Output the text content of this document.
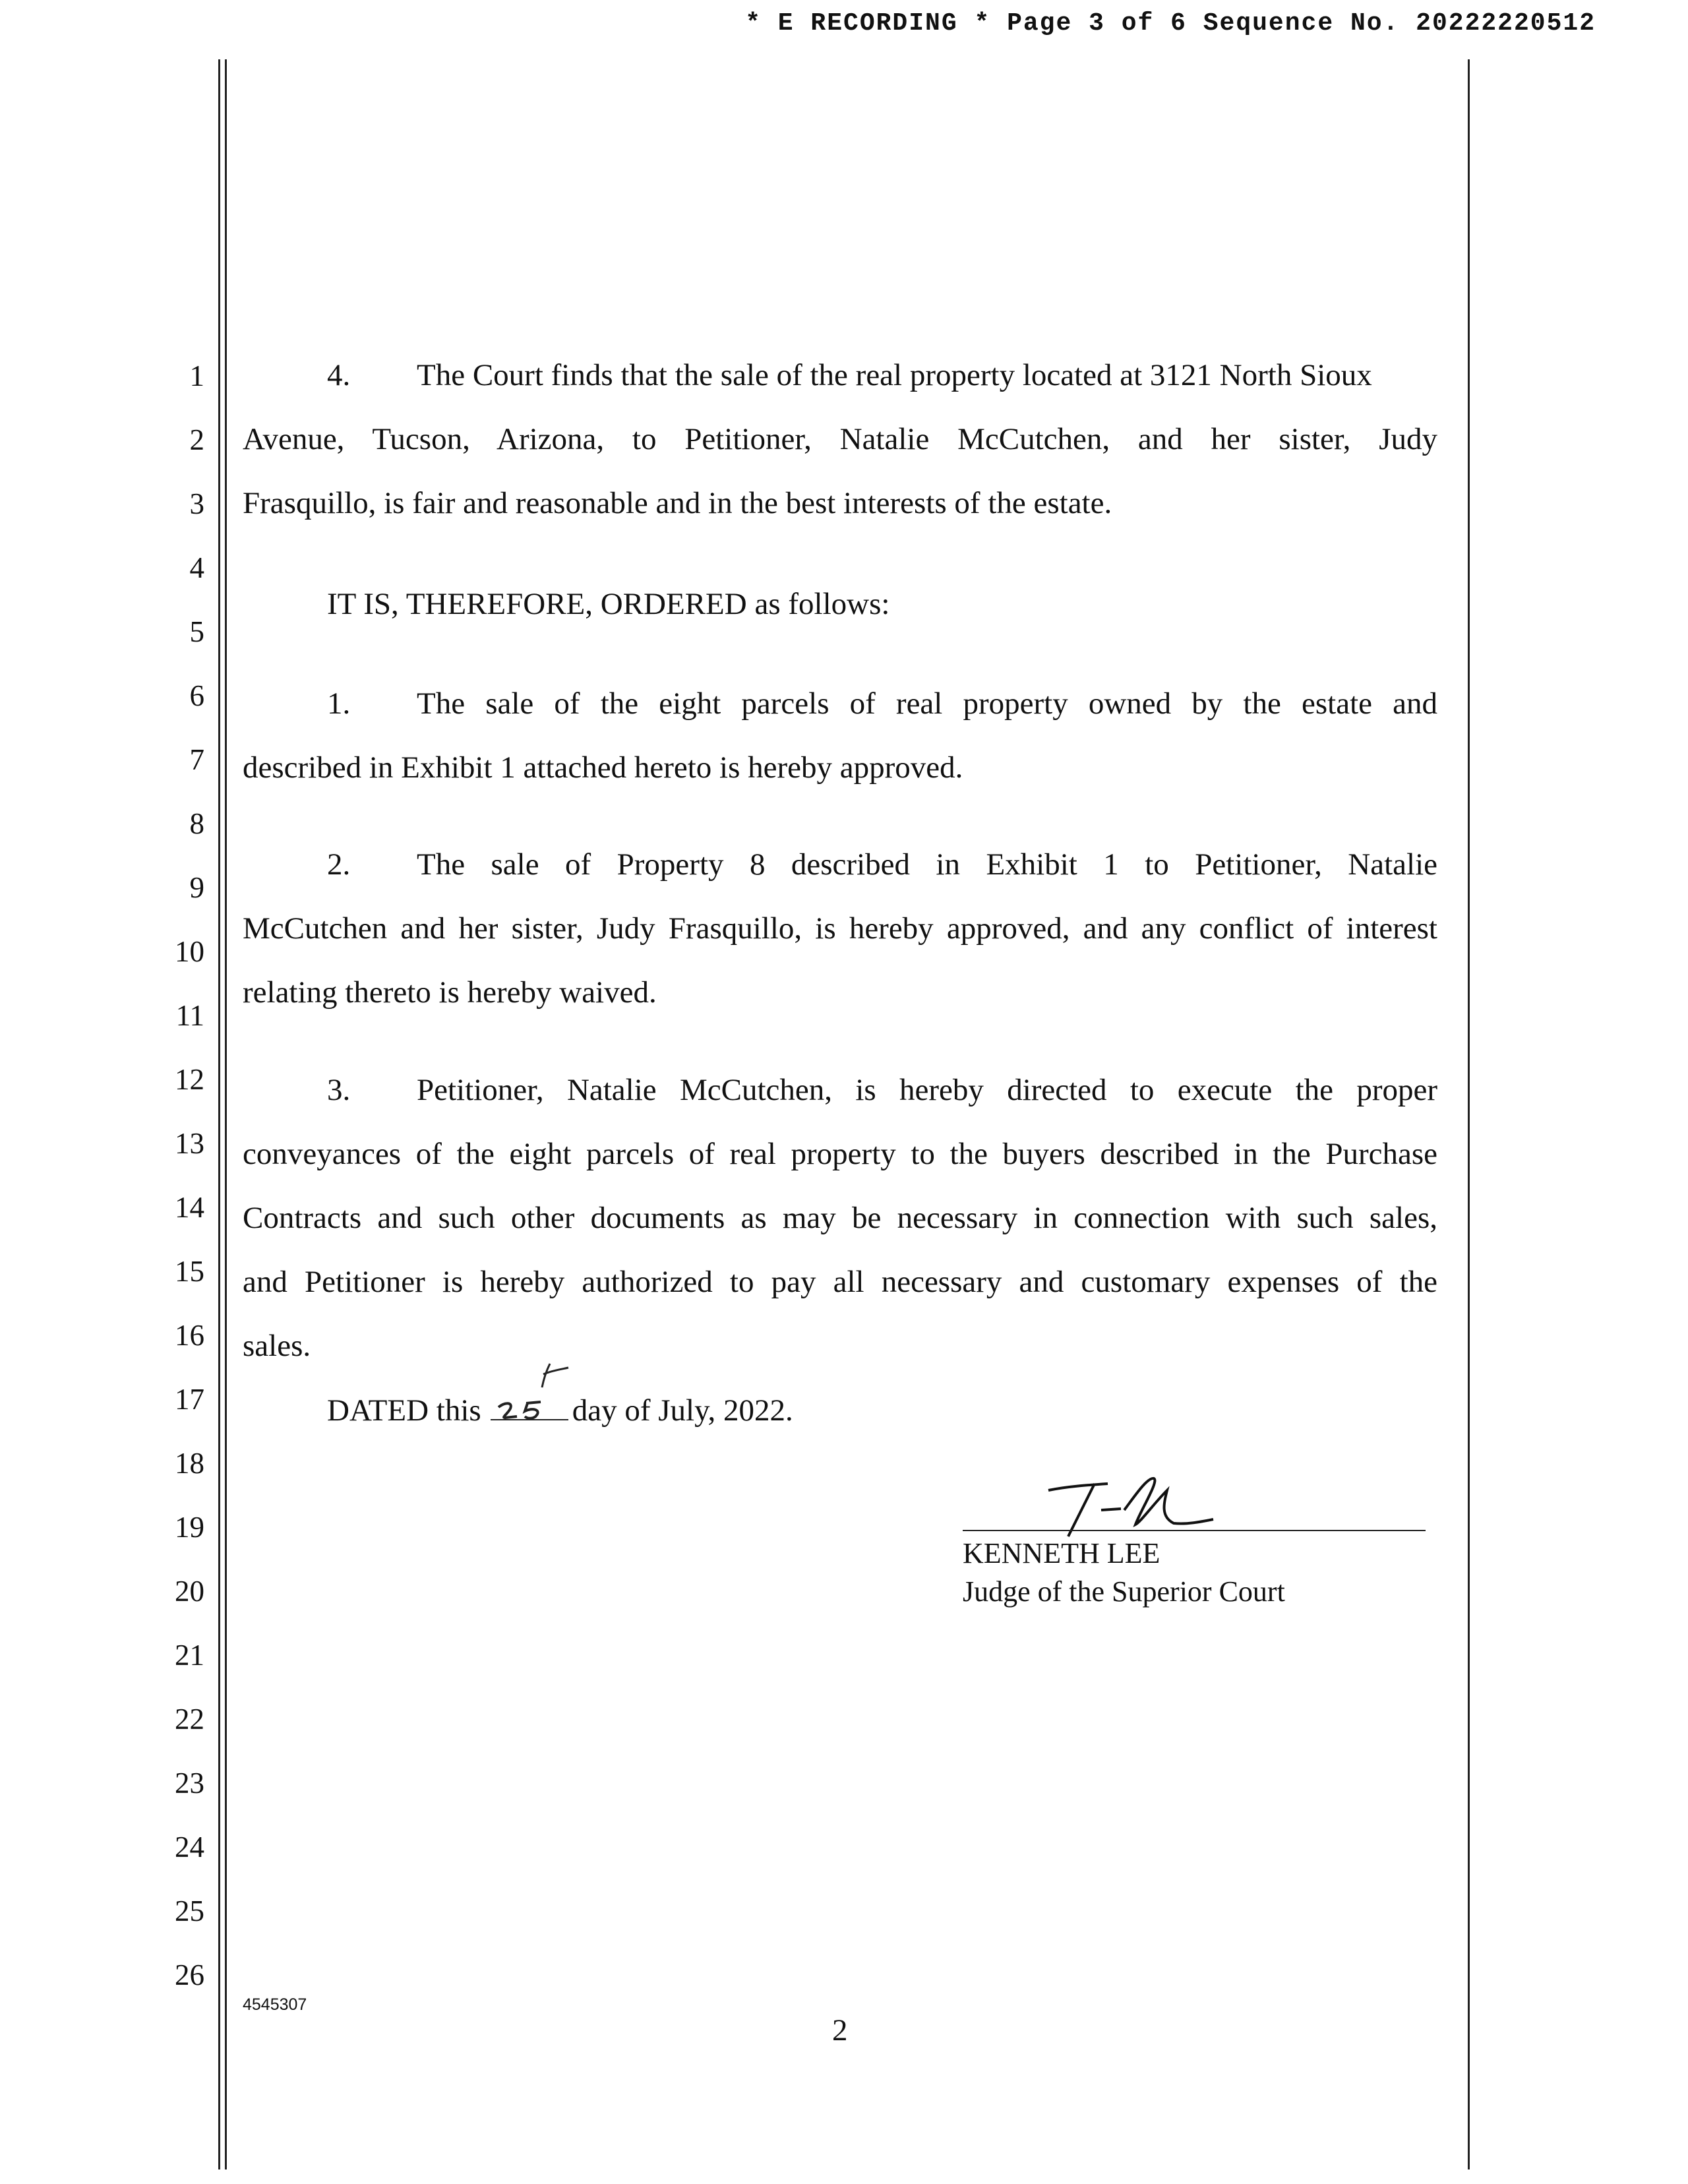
* E RECORDING * Page 3 of 6 Sequence No. 20222220512
1
2
3
4
5
6
7
8
9
10
11
12
13
14
15
16
17
18
19
20
21
22
23
24
25
26
4. The Court finds that the sale of the real property located at 3121 North Sioux
Avenue, Tucson, Arizona, to Petitioner, Natalie McCutchen, and her sister, Judy
Frasquillo, is fair and reasonable and in the best interests of the estate.
IT IS, THEREFORE, ORDERED as follows:
1. The sale of the eight parcels of real property owned by the estate and
described in Exhibit 1 attached hereto is hereby approved.
2. The sale of Property 8 described in Exhibit 1 to Petitioner, Natalie
McCutchen and her sister, Judy Frasquillo, is hereby approved, and any conflict of interest
relating thereto is hereby waived.
3. Petitioner, Natalie McCutchen, is hereby directed to execute the proper
conveyances of the eight parcels of real property to the buyers described in the Purchase
Contracts and such other documents as may be necessary in connection with such sales,
and Petitioner is hereby authorized to pay all necessary and customary expenses of the
sales.
DATED this	day of July, 2022.
KENNETH LEE
Judge of the Superior Court
4545307
2
